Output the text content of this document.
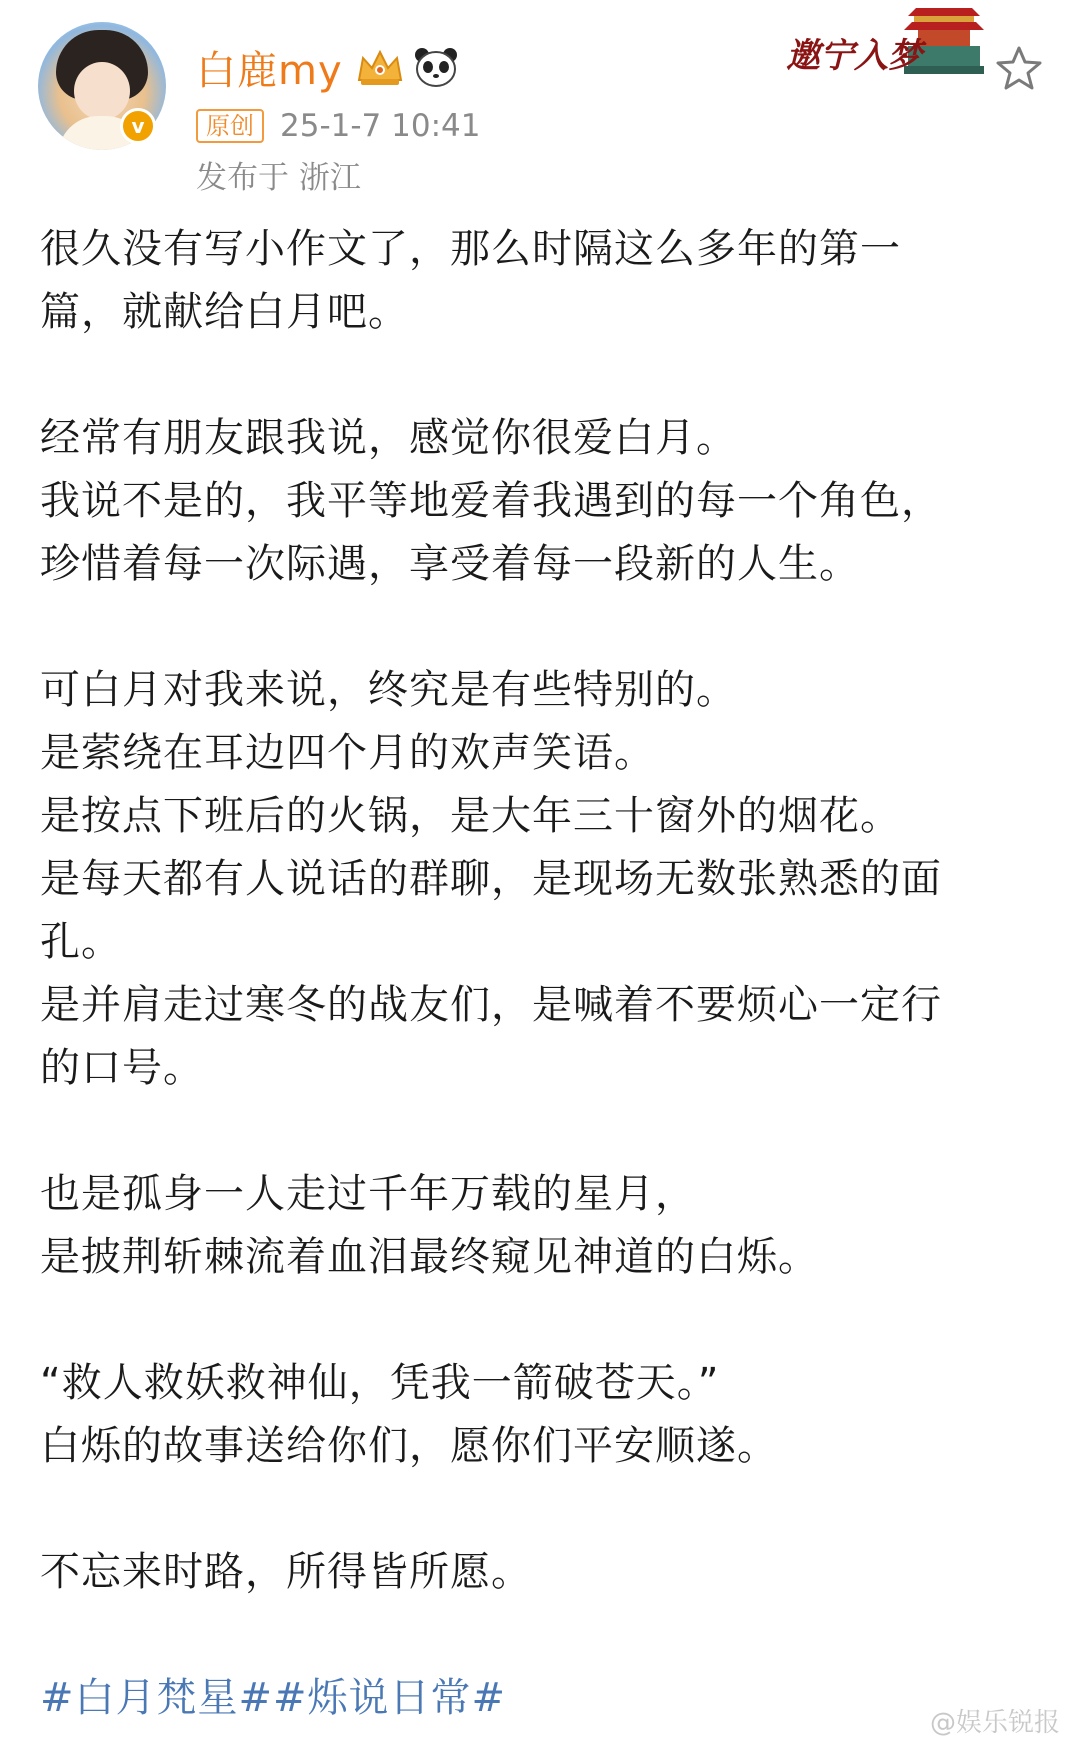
v
白鹿my
原创 25-1-7 10:41
发布于 浙江
邀宁入梦

很久没有写小作文了，那么时隔这么多年的第一

篇，就献给白月吧。

经常有朋友跟我说，感觉你很爱白月。

我说不是的，我平等地爱着我遇到的每一个角色，

珍惜着每一次际遇，享受着每一段新的人生。

可白月对我来说，终究是有些特别的。

是萦绕在耳边四个月的欢声笑语。

是按点下班后的火锅，是大年三十窗外的烟花。

是每天都有人说话的群聊，是现场无数张熟悉的面

孔。

是并肩走过寒冬的战友们，是喊着不要烦心一定行

的口号。

也是孤身一人走过千年万载的星月，

是披荆斩棘流着血泪最终窥见神道的白烁。

“救人救妖救神仙，凭我一箭破苍天。”

白烁的故事送给你们，愿你们平安顺遂。

不忘来时路，所得皆所愿。

#白月梵星##烁说日常#

@娱乐锐报
